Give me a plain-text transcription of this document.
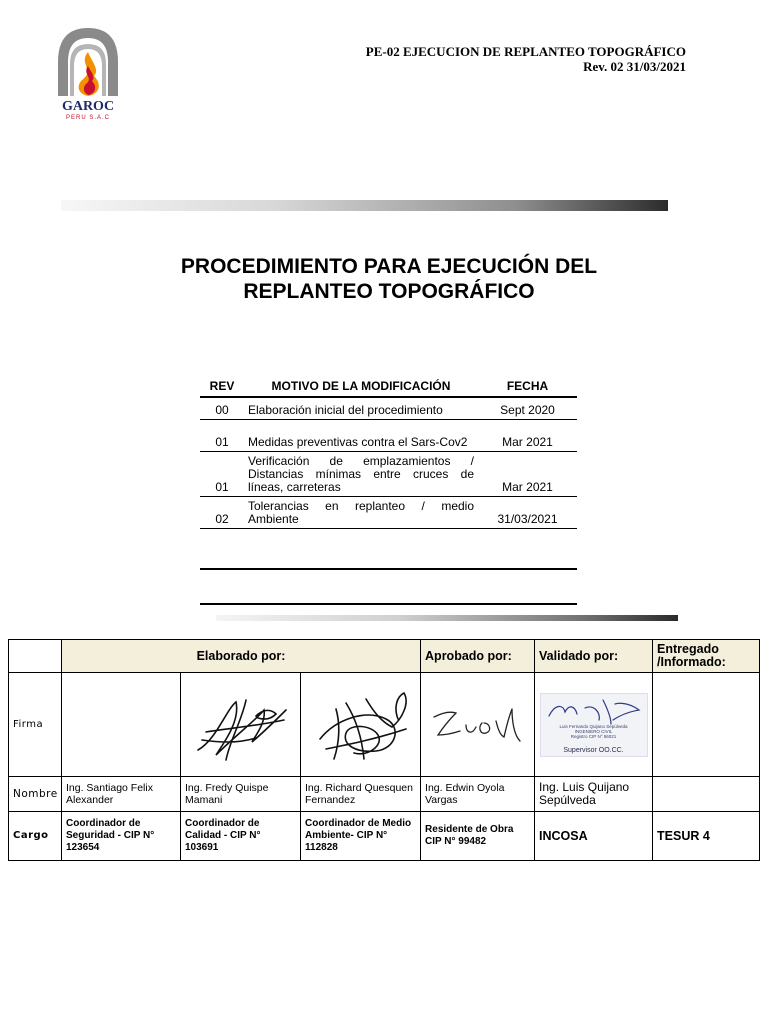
GAROC
PERU S.A.C
PE-02 EJECUCION DE REPLANTEO TOPOGRÁFICO
Rev. 02 31/03/2021
PROCEDIMIENTO PARA EJECUCIÓN DEL
REPLANTEO TOPOGRÁFICO
REV	MOTIVO DE LA MODIFICACIÓN	FECHA

00	Elaboración inicial del procedimiento	Sept 2020
01	Medidas preventivas contra el Sars-Cov2	Mar 2021
01	Verificación de emplazamientos / Distancias mínimas entre cruces de líneas, carreteras	Mar 2021
02	Tolerancias en replanteo / medio Ambiente	31/03/2021
	Elaborado por:			Aprobado por:	Validado por:	Entregado /Informado:
Firma					Luis Fernando Quijano Sepúlveda
INGENIERO CIVIL
Registro CIP N° 56021
Supervisor OO.CC.	

Nombre	Ing. Santiago Felix Alexander	Ing. Fredy Quispe Mamani	Ing. Richard Quesquen Fernandez	Ing. Edwin Oyola Vargas	Ing. Luis Quijano Sepúlveda	
Cargo	Coordinador de Seguridad - CIP N° 123654	Coordinador de Calidad - CIP N° 103691	Coordinador de Medio Ambiente- CIP N° 112828	Residente de Obra CIP N° 99482	INCOSA	TESUR 4
